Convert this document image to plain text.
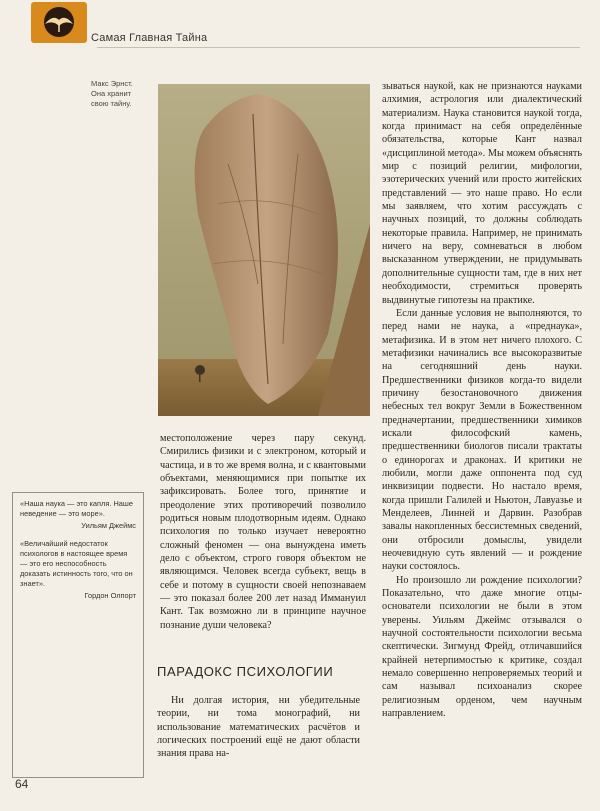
Самая Главная Тайна
Макс Эрнст.
Она хранит
свою тайну.

местоположение через пару секунд. Смирились физики и с электроном, который и частица, и в то же время волна, и с квантовыми объектами, меняющимися при попытке их зафиксировать. Более того, принятие и преодоление этих противоречий позволило родиться новым плодотворным идеям. Однако психология по только изучает невероятно сложный феномен — она вынуждена иметь дело с объектом, строго говоря объектом не являющимся. Человек всегда субъект, вещь в себе и потому в сущности своей непознаваем — это показал более 200 лет назад Иммануил Кант. Так возможно ли в принципе научное познание души человека?

ПАРАДОКС ПСИХОЛОГИИ

Ни долгая история, ни убедительные теории, ни тома монографий, ни использование математических расчётов и логических построений ещё не дают области знания права на-

зываться наукой, как не признаются науками алхимия, астрология или диалектический материализм. Наука становится наукой тогда, когда принимаст на себя определённые обязательства, которые Кант назвал «дисциплиной метода». Мы можем объяснять мир с позиций религии, мифологии, эзотерических учений или просто житейских представлений — это наше право. Но если мы заявляем, что хотим рассуждать с научных позиций, то должны соблюдать некоторые правила. Например, не принимать ничего на веру, сомневаться в любом высказанном утверждении, не придумывать дополнительные сущности там, где в них нет необходимости, стремиться проверять выдвинутые гипотезы на практике.

Если данные условия не выполняются, то перед нами не наука, а «преднаука», метафизика. И в этом нет ничего плохого. С метафизики начинались все высокоразвитые на сегодняшний день науки. Предшественники физиков когда-то видели причину безостановочного движения небесных тел вокруг Земли в Божественном предначертании, предшественники химиков искали философский камень, предшественники биологов писали трактаты о единорогах и драконах. И критики не любили, могли даже оппонента под суд инквизиции подвести. Но настало время, когда пришли Галилей и Ньютон, Лавуазье и Менделеев, Линней и Дарвин. Разобрав завалы накопленных бессистемных сведений, они отбросили домыслы, увидели неочевидную суть явлений — и рождение науки состоялось.

Но произошло ли рождение психологии? Показательно, что даже многие отцы-основатели психологии не были в этом уверены. Уильям Джеймс отзывался о научной состоятельности психологии весьма скептически. Зигмунд Фрейд, отличавшийся крайней нетерпимостью к критике, создал немало совершенно непроверяемых теорий и сам называл психоанализ скорее религиозным орденом, чем научным направлением.

«Наша наука — это капля. Наше неведение — это море».

Уильям Джеймс

«Величайший недостаток психологов в настоящее время — это его неспособность доказать истинность того, что он знает».

Гордон Олпорт

64
